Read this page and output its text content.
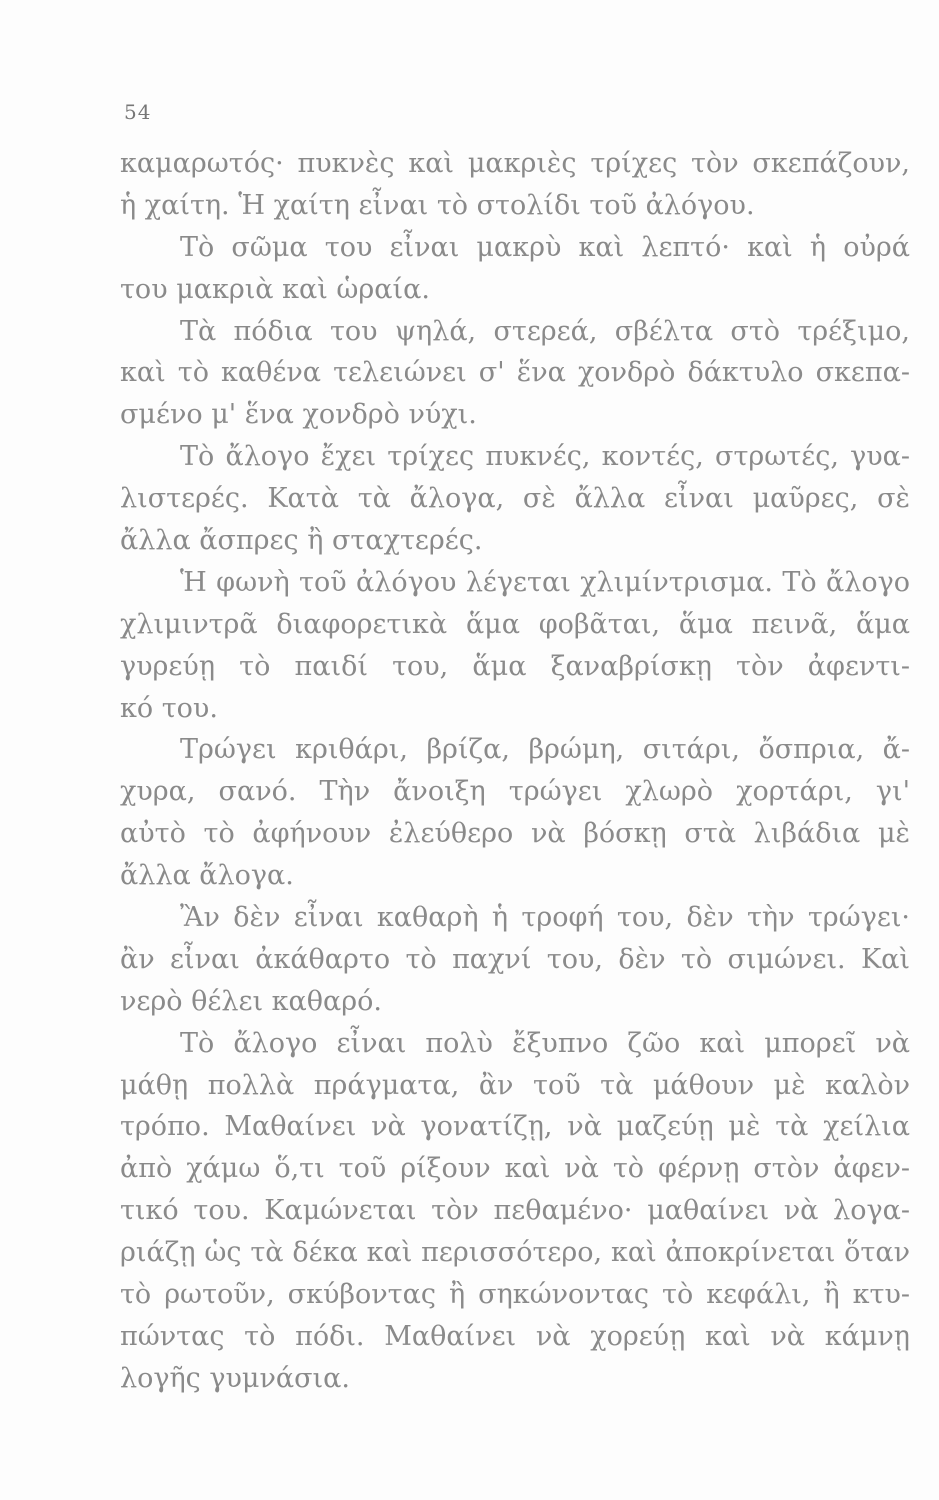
54
καμαρωτός· πυκνὲς καὶ μακριὲς τρίχες τὸν σκεπάζουν,
ἡ χαίτη. Ἡ χαίτη εἶναι τὸ στολίδι τοῦ ἀλόγου.
Τὸ σῶμα του εἶναι μακρὺ καὶ λεπτό· καὶ ἡ οὐρά
του μακριὰ καὶ ὡραία.
Τὰ πόδια του ψηλά, στερεά, σβέλτα στὸ τρέξιμο,
καὶ τὸ καθένα τελειώνει σ' ἕνα χονδρὸ δάκτυλο σκεπα-
σμένο μ' ἕνα χονδρὸ νύχι.
Τὸ ἄλογο ἔχει τρίχες πυκνές, κοντές, στρωτές, γυα-
λιστερές. Κατὰ τὰ ἄλογα, σὲ ἄλλα εἶναι μαῦρες, σὲ
ἄλλα ἄσπρες ἢ σταχτερές.
Ἡ φωνὴ τοῦ ἀλόγου λέγεται χλιμίντρισμα. Τὸ ἄλογο
χλιμιντρᾶ διαφορετικὰ ἅμα φοβᾶται, ἅμα πεινᾶ, ἅμα
γυρεύῃ τὸ παιδί του, ἅμα ξαναβρίσκῃ τὸν ἀφεντι-
κό του.
Τρώγει κριθάρι, βρίζα, βρώμη, σιτάρι, ὄσπρια, ἄ-
χυρα, σανό. Τὴν ἄνοιξη τρώγει χλωρὸ χορτάρι, γι'
αὐτὸ τὸ ἀφήνουν ἐλεύθερο νὰ βόσκῃ στὰ λιβάδια μὲ
ἄλλα ἄλογα.
Ἂν δὲν εἶναι καθαρὴ ἡ τροφή του, δὲν τὴν τρώγει·
ἂν εἶναι ἀκάθαρτο τὸ παχνί του, δὲν τὸ σιμώνει. Καὶ
νερὸ θέλει καθαρό.
Τὸ ἄλογο εἶναι πολὺ ἔξυπνο ζῶο καὶ μπορεῖ νὰ
μάθῃ πολλὰ πράγματα, ἂν τοῦ τὰ μάθουν μὲ καλὸν
τρόπο. Μαθαίνει νὰ γονατίζῃ, νὰ μαζεύῃ μὲ τὰ χείλια
ἀπὸ χάμω ὅ,τι τοῦ ρίξουν καὶ νὰ τὸ φέρνῃ στὸν ἀφεν-
τικό του. Καμώνεται τὸν πεθαμένο· μαθαίνει νὰ λογα-
ριάζῃ ὡς τὰ δέκα καὶ περισσότερο, καὶ ἀποκρίνεται ὅταν
τὸ ρωτοῦν, σκύβοντας ἢ σηκώνοντας τὸ κεφάλι, ἢ κτυ-
πώντας τὸ πόδι. Μαθαίνει νὰ χορεύῃ καὶ νὰ κάμνῃ
λογῆς γυμνάσια.
